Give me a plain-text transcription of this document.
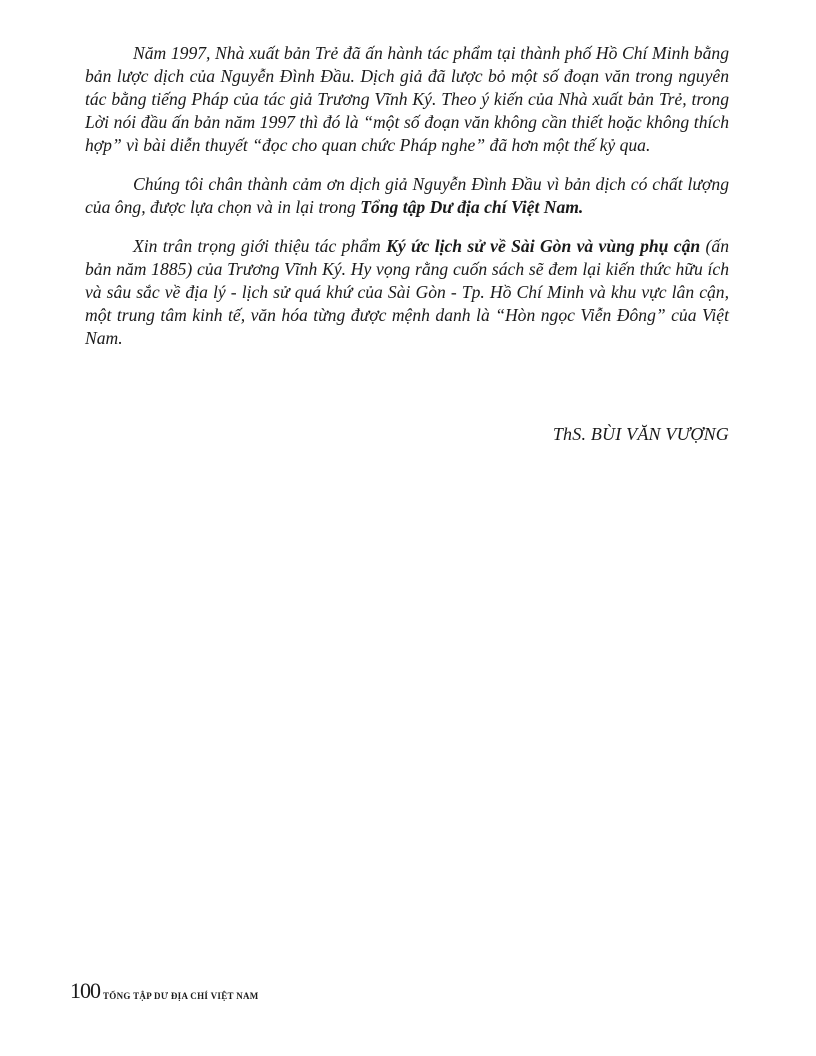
Năm 1997, Nhà xuất bản Trẻ đã ấn hành tác phẩm tại thành phố Hồ Chí Minh bằng bản lược dịch của Nguyễn Đình Đầu. Dịch giả đã lược bỏ một số đoạn văn trong nguyên tác bằng tiếng Pháp của tác giả Trương Vĩnh Ký. Theo ý kiến của Nhà xuất bản Trẻ, trong Lời nói đầu ấn bản năm 1997 thì đó là “một số đoạn văn không cần thiết hoặc không thích hợp” vì bài diễn thuyết “đọc cho quan chức Pháp nghe” đã hơn một thế kỷ qua.

Chúng tôi chân thành cảm ơn dịch giả Nguyễn Đình Đầu vì bản dịch có chất lượng của ông, được lựa chọn và in lại trong Tổng tập Dư địa chí Việt Nam.

Xin trân trọng giới thiệu tác phẩm Ký ức lịch sử về Sài Gòn và vùng phụ cận (ấn bản năm 1885) của Trương Vĩnh Ký. Hy vọng rằng cuốn sách sẽ đem lại kiến thức hữu ích và sâu sắc về địa lý - lịch sử quá khứ của Sài Gòn - Tp. Hồ Chí Minh và khu vực lân cận, một trung tâm kinh tế, văn hóa từng được mệnh danh là “Hòn ngọc Viễn Đông” của Việt Nam.

ThS. BÙI VĂN VƯỢNG
100 TỔNG TẬP DƯ ĐỊA CHÍ VIỆT NAM
